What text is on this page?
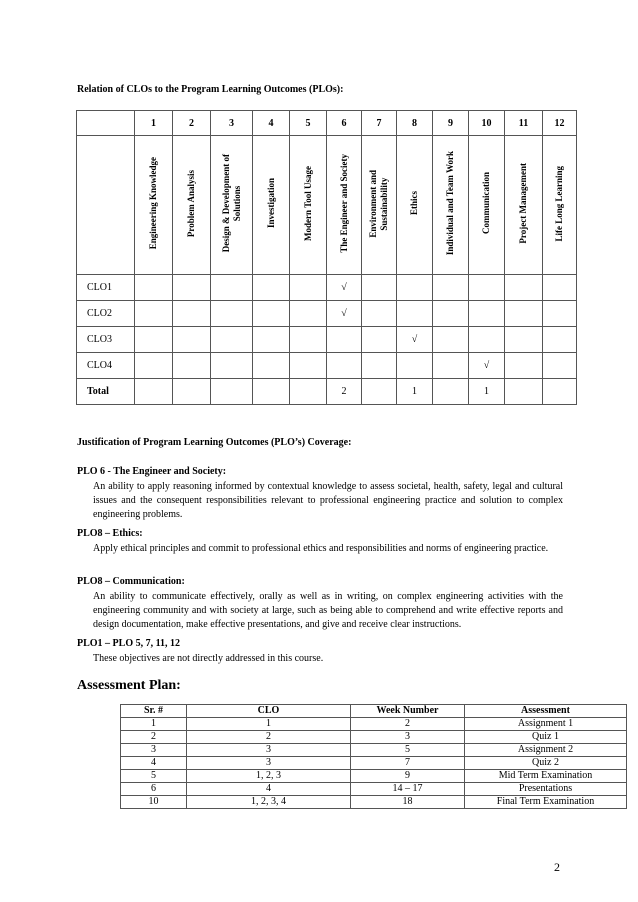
Relation of CLOs to the Program Learning Outcomes (PLOs):
	1	2	3	4	5	6	7	8	9	10	11	12

	Engineering Knowledge	Problem Analysis	Design & Development of Solutions	Investigation	Modern Tool Usage	The Engineer and Society	Environment and Sustainability	Ethics	Individual and Team Work	Communication	Project Management	Life Long Learning

CLO1						√						
CLO2						√						
CLO3								√				
CLO4										√		
Total						2		1		1		
Justification of Program Learning Outcomes (PLO’s) Coverage:
PLO 6 - The Engineer and Society:
An ability to apply reasoning informed by contextual knowledge to assess societal, health, safety, legal and cultural issues and the consequent responsibilities relevant to professional engineering practice and solution to complex engineering problems.
PLO8 – Ethics:
Apply ethical principles and commit to professional ethics and responsibilities and norms of engineering practice.
PLO8 – Communication:
An ability to communicate effectively, orally as well as in writing, on complex engineering activities with the engineering community and with society at large, such as being able to comprehend and write effective reports and design documentation, make effective presentations, and give and receive clear instructions.
PLO1 – PLO 5, 7, 11, 12
These objectives are not directly addressed in this course.
Assessment Plan:
Sr. #	CLO	Week Number	Assessment
1	1	2	Assignment 1
2	2	3	Quiz 1
3	3	5	Assignment 2
4	3	7	Quiz 2
5	1, 2, 3	9	Mid Term Examination
6	4	14 – 17	Presentations
10	1, 2, 3, 4	18	Final Term Examination
2
